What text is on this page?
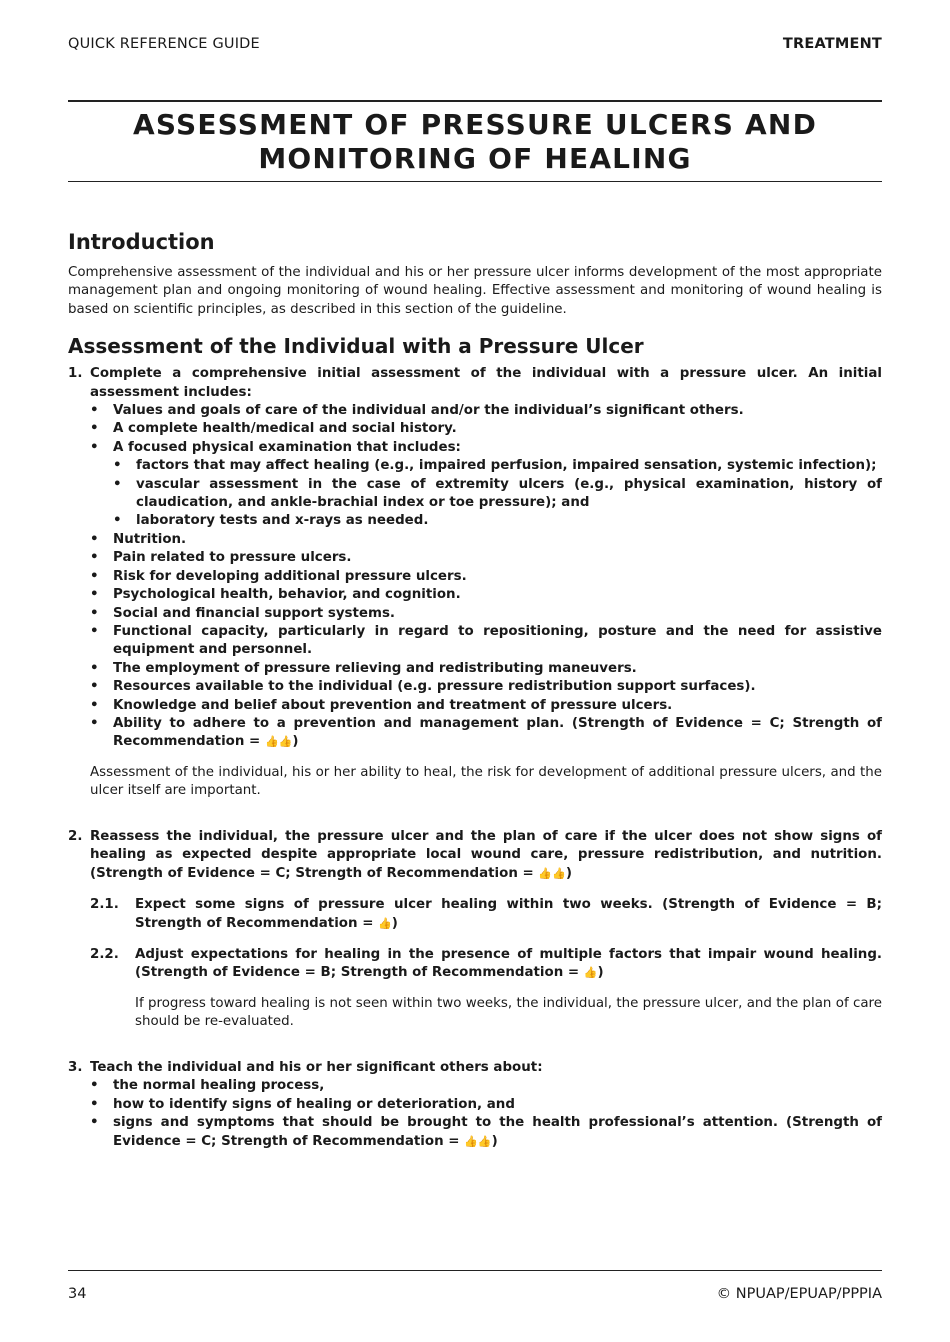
QUICK REFERENCE GUIDE	TREATMENT
ASSESSMENT OF PRESSURE ULCERS AND
MONITORING OF HEALING
Introduction

Comprehensive assessment of the individual and his or her pressure ulcer informs development of the most appropriate management plan and ongoing monitoring of wound healing. Effective assessment and monitoring of wound healing is based on scientific principles, as described in this section of the guideline.

Assessment of the Individual with a Pressure Ulcer
1. Complete a comprehensive initial assessment of the individual with a pressure ulcer. An initial assessment includes:
• Values and goals of care of the individual and/or the individual’s significant others.
• A complete health/medical and social history.
• A focused physical examination that includes:
• factors that may affect healing (e.g., impaired perfusion, impaired sensation, systemic infection);
• vascular assessment in the case of extremity ulcers (e.g., physical examination, history of claudication, and ankle-brachial index or toe pressure); and
• laboratory tests and x-rays as needed.
• Nutrition.
• Pain related to pressure ulcers.
• Risk for developing additional pressure ulcers.
• Psychological health, behavior, and cognition.
• Social and financial support systems.
• Functional capacity, particularly in regard to repositioning, posture and the need for assistive equipment and personnel.
• The employment of pressure relieving and redistributing maneuvers.
• Resources available to the individual (e.g. pressure redistribution support surfaces).
• Knowledge and belief about prevention and treatment of pressure ulcers.
• Ability to adhere to a prevention and management plan. (Strength of Evidence = C; Strength of Recommendation = 👍👍)

Assessment of the individual, his or her ability to heal, the risk for development of additional pressure ulcers, and the ulcer itself are important.

2. Reassess the individual, the pressure ulcer and the plan of care if the ulcer does not show signs of healing as expected despite appropriate local wound care, pressure redistribution, and nutrition. (Strength of Evidence = C; Strength of Recommendation = 👍👍)
2.1.	Expect some signs of pressure ulcer healing within two weeks. (Strength of Evidence = B; Strength of Recommendation = 👍)
2.2.	Adjust expectations for healing in the presence of multiple factors that impair wound healing. (Strength of Evidence = B; Strength of Recommendation = 👍)

If progress toward healing is not seen within two weeks, the individual, the pressure ulcer, and the plan of care should be re-evaluated.

3. Teach the individual and his or her significant others about:
• the normal healing process,
• how to identify signs of healing or deterioration, and
• signs and symptoms that should be brought to the health professional’s attention. (Strength of Evidence = C; Strength of Recommendation = 👍👍)
34	© NPUAP/EPUAP/PPPIA
